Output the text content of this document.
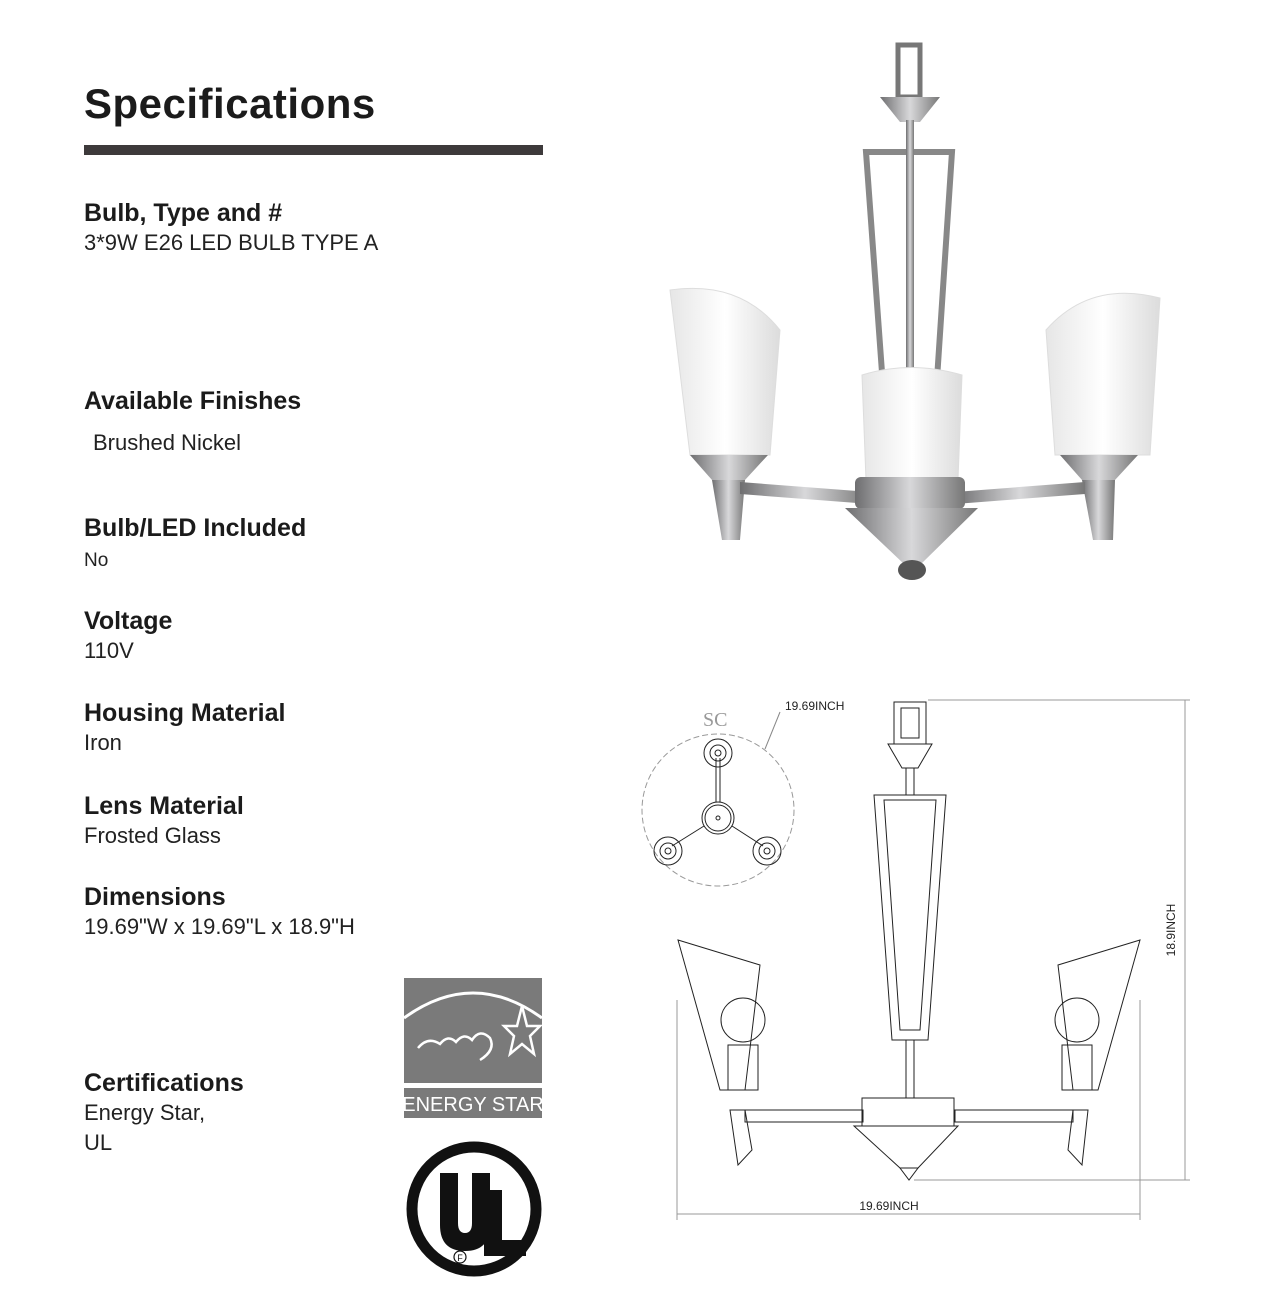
Specifications
Bulb, Type and #
3*9W E26 LED BULB TYPE A
Available Finishes
Brushed Nickel
Bulb/LED Included
No
Voltage
110V
Housing Material
Iron
Lens Material
Frosted Glass
Dimensions
19.69"W x 19.69"L x 18.9"H
Certifications
Energy Star,
UL
ENERGY STAR
F
SC
19.69INCH
19.69INCH
18.9INCH
